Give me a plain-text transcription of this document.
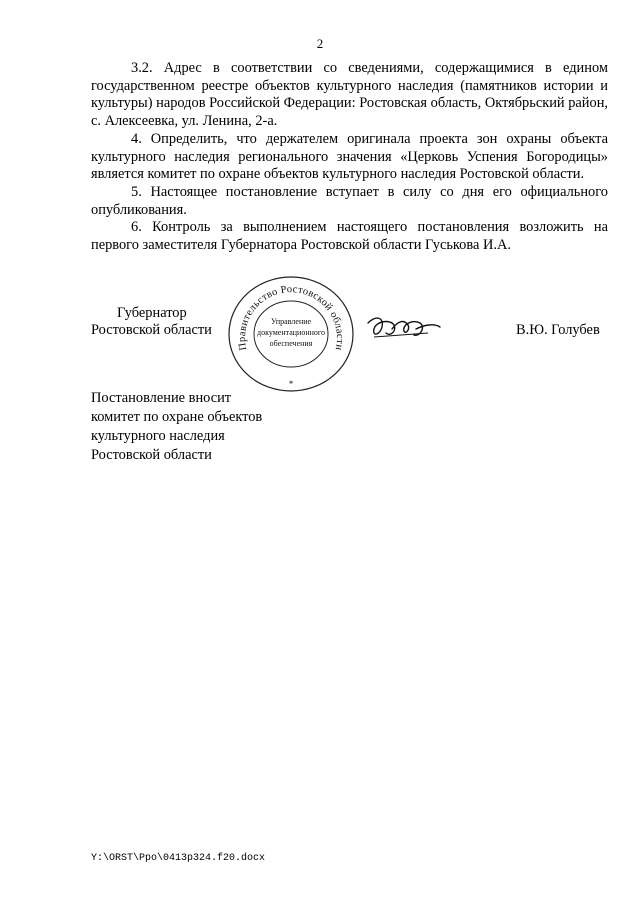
2

3.2. Адрес в соответствии со сведениями, содержащимися в едином государственном реестре объектов культурного наследия (памятников истории и культуры) народов Российской Федерации: Ростовская область, Октябрьский район, с. Алексеевка, ул. Ленина, 2-а.

4. Определить, что держателем оригинала проекта зон охраны объекта культурного наследия регионального значения «Церковь Успения Богородицы» является комитет по охране объектов культурного наследия Ростовской области.

5. Настоящее постановление вступает в силу со дня его официального опубликования.

6. Контроль за выполнением настоящего постановления возложить на первого заместителя Губернатора Ростовской области Гуськова И.А.

Губернатор
Ростовской области
Правительство Ростовской области
Управление
документационного
обеспечения
*
В.Ю. Голубев
Постановление вносит
комитет по охране объектов
культурного наследия
Ростовской области
Y:\ORST\Ppo\0413p324.f20.docx
